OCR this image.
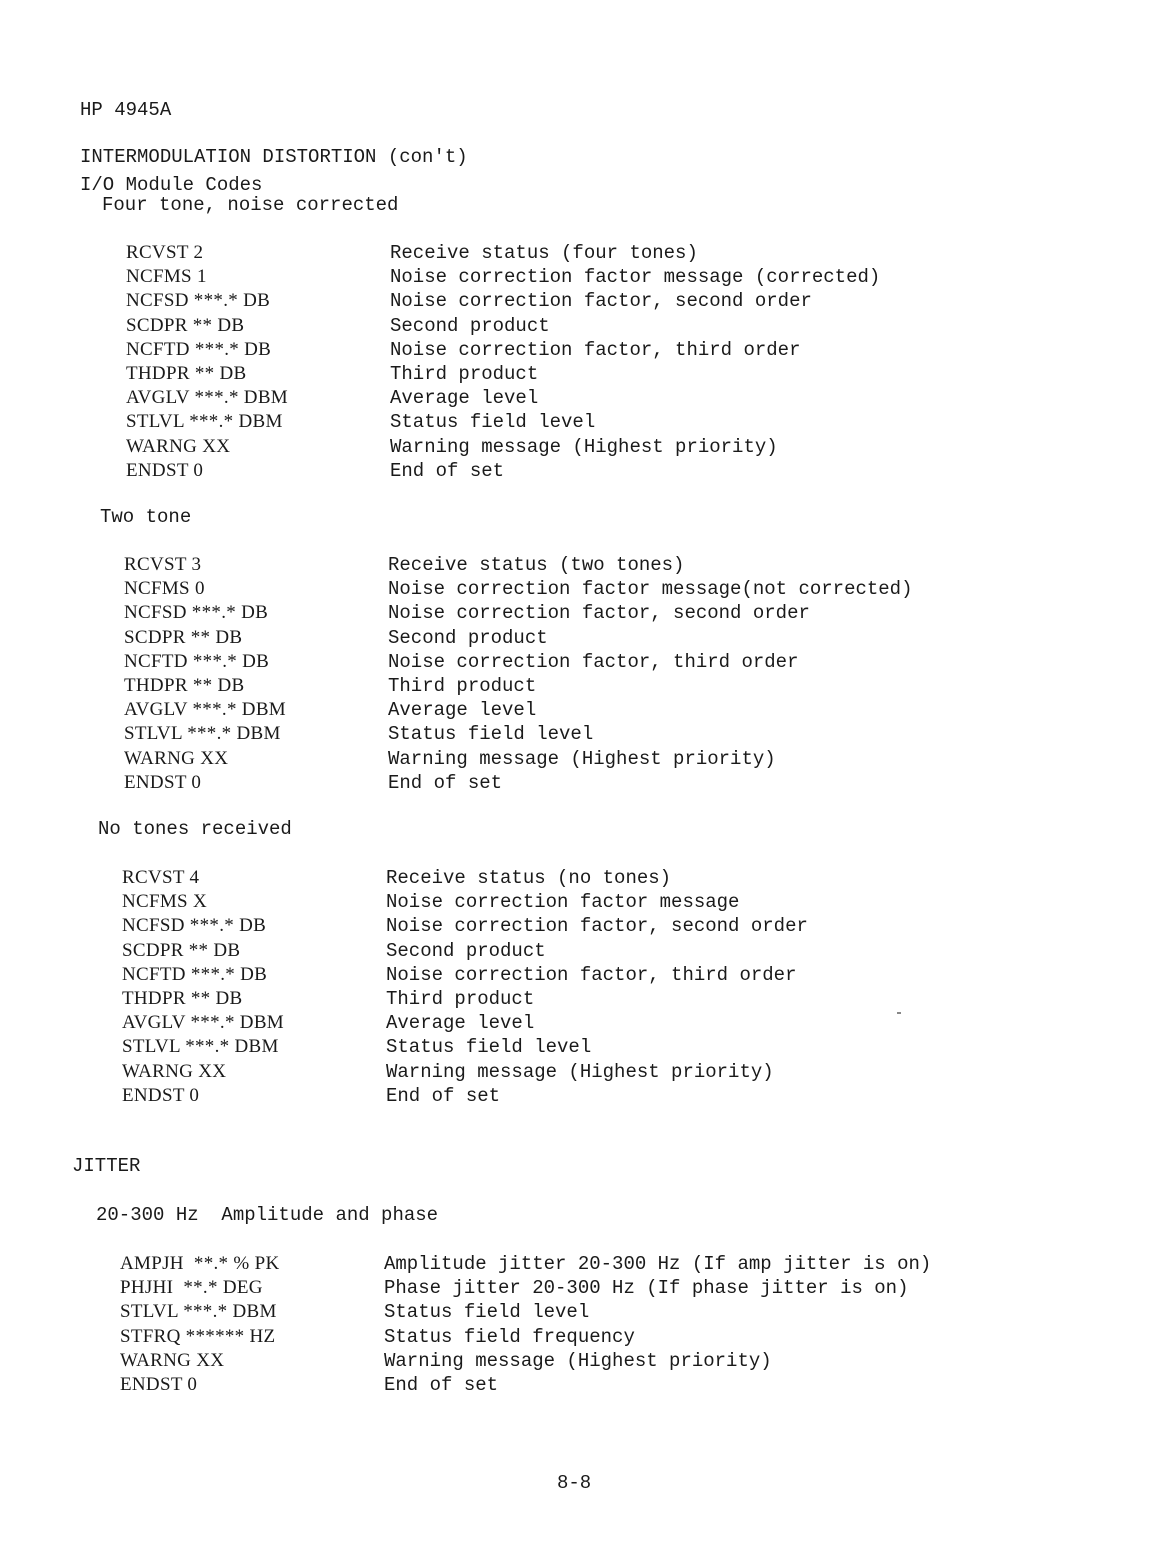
HP 4945A

I/O Module Codes

INTERMODULATION DISTORTION (con't)
Four tone, noise corrected
RCVST 2	Receive status (four tones)
NCFMS 1	Noise correction factor message (corrected)
NCFSD ***.* DB	Noise correction factor, second order
SCDPR ** DB	Second product
NCFTD ***.* DB	Noise correction factor, third order
THDPR ** DB	Third product
AVGLV ***.* DBM	Average level
STLVL ***.* DBM	Status field level
WARNG XX	Warning message (Highest priority)
ENDST 0	End of set
Two tone
RCVST 3	Receive status (two tones)
NCFMS 0	Noise correction factor message(not corrected)
NCFSD ***.* DB	Noise correction factor, second order
SCDPR ** DB	Second product
NCFTD ***.* DB	Noise correction factor, third order
THDPR ** DB	Third product
AVGLV ***.* DBM	Average level
STLVL ***.* DBM	Status field level
WARNG XX	Warning message (Highest priority)
ENDST 0	End of set
No tones received
RCVST 4	Receive status (no tones)
NCFMS X	Noise correction factor message
NCFSD ***.* DB	Noise correction factor, second order
SCDPR ** DB	Second product
NCFTD ***.* DB	Noise correction factor, third order
THDPR ** DB	Third product
AVGLV ***.* DBM	Average level
STLVL ***.* DBM	Status field level
WARNG XX	Warning message (Highest priority)
ENDST 0	End of set
JITTER
20-300 Hz  Amplitude and phase
AMPJH  **.* % PK	Amplitude jitter 20-300 Hz (If amp jitter is on)
PHJHI  **.* DEG	Phase jitter 20-300 Hz (If phase jitter is on)
STLVL ***.* DBM	Status field level
STFRQ ****** HZ	Status field frequency
WARNG XX	Warning message (Highest priority)
ENDST 0	End of set
8-8
